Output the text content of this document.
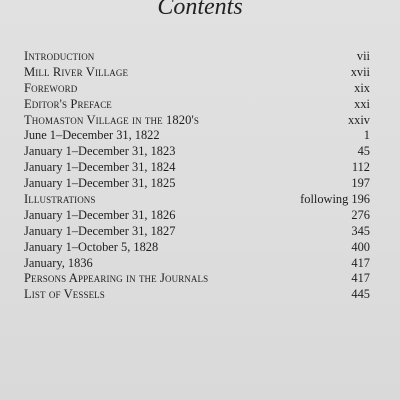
Contents
Introduction	vii
Mill River Village	xvii
Foreword	xix
Editor's Preface	xxi
Thomaston Village in the 1820's	xxiv
June 1–December 31, 1822	1
January 1–December 31, 1823	45
January 1–December 31, 1824	112
January 1–December 31, 1825	197
Illustrations	following 196
January 1–December 31, 1826	276
January 1–December 31, 1827	345
January 1–October 5, 1828	400
January, 1836	417
Persons Appearing in the Journals	417
List of Vessels	445
